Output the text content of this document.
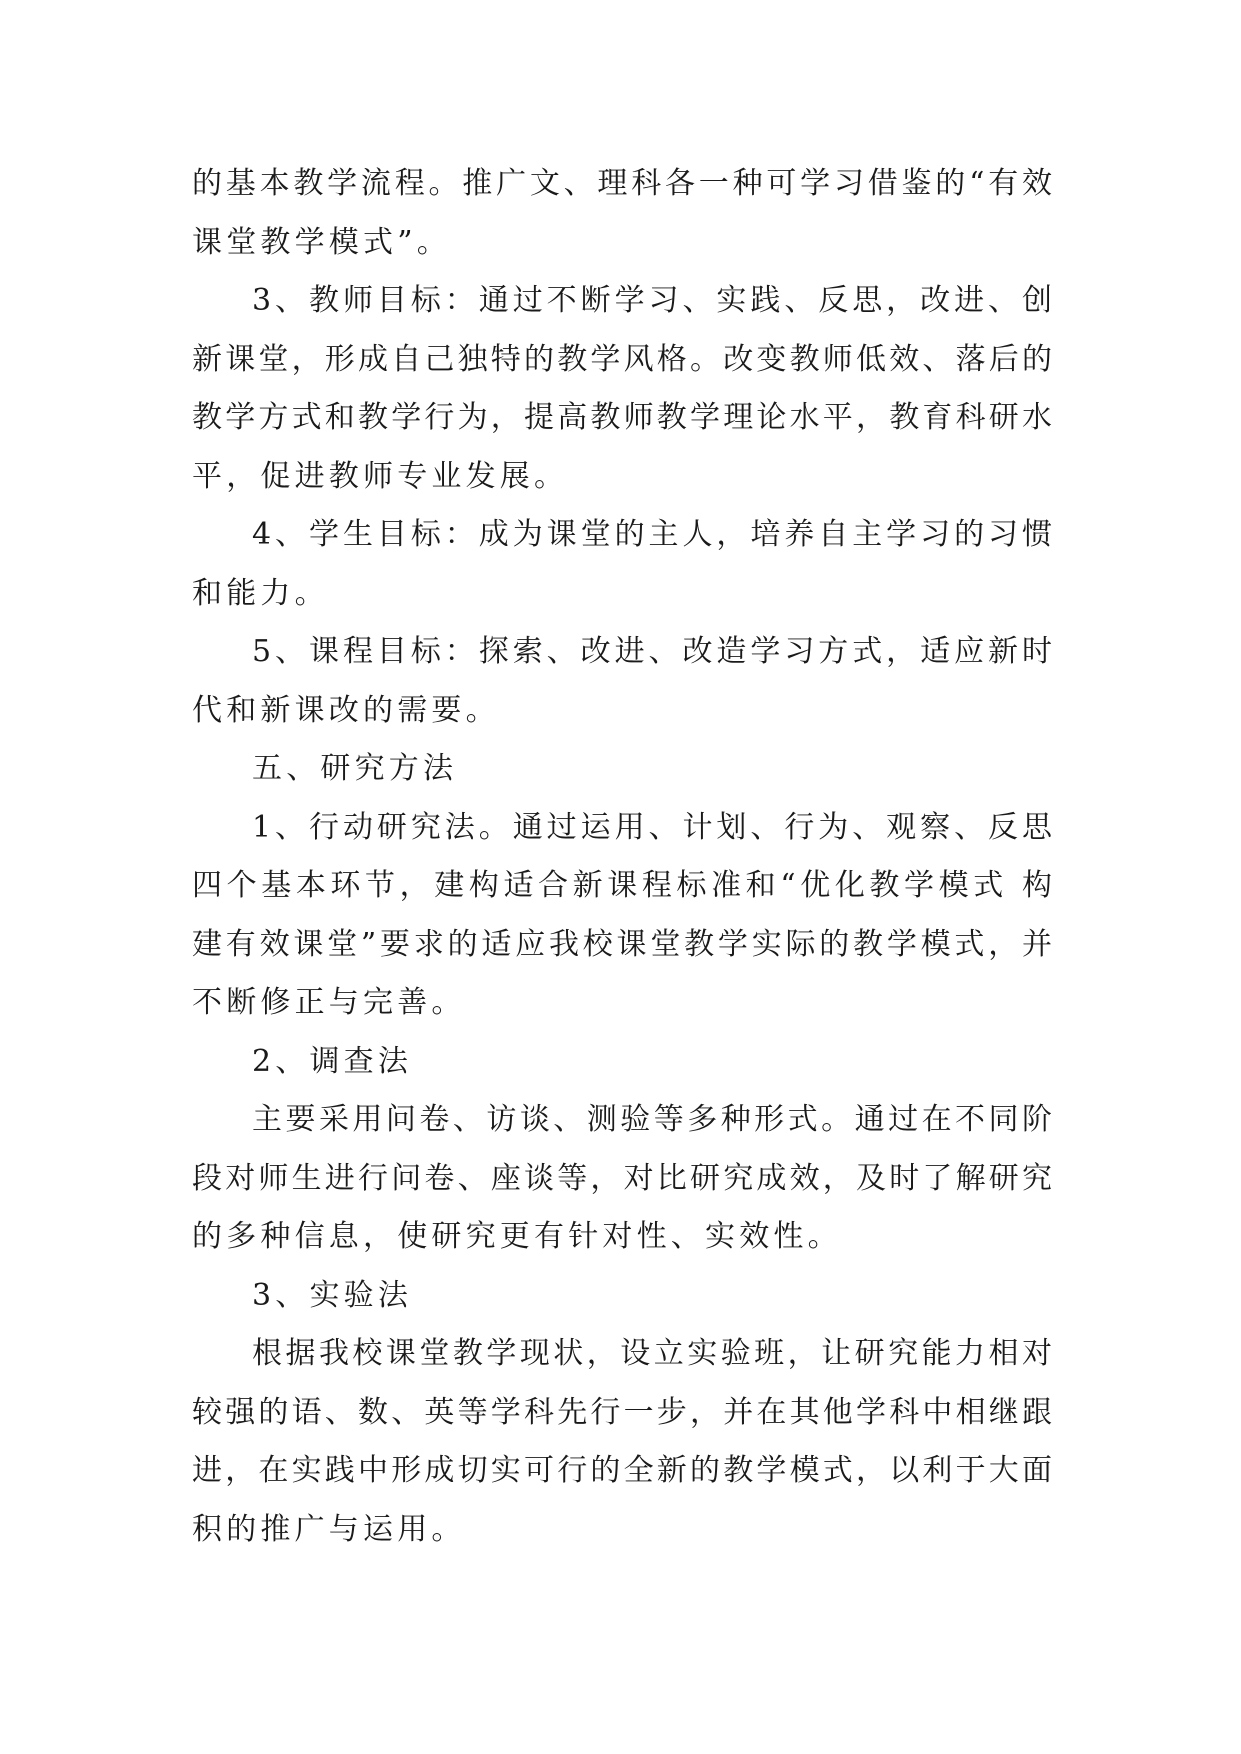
的基本教学流程。推广文、理科各一种可学习借鉴的“有效
课堂教学模式”。
3、教师目标：通过不断学习、实践、反思，改进、创
新课堂，形成自己独特的教学风格。改变教师低效、落后的
教学方式和教学行为，提高教师教学理论水平，教育科研水
平，促进教师专业发展。
4、学生目标：成为课堂的主人，培养自主学习的习惯
和能力。
5、课程目标：探索、改进、改造学习方式，适应新时
代和新课改的需要。
五、研究方法
1、行动研究法。通过运用、计划、行为、观察、反思
四个基本环节，建构适合新课程标准和“优化教学模式 构
建有效课堂”要求的适应我校课堂教学实际的教学模式，并
不断修正与完善。
2、调查法
主要采用问卷、访谈、测验等多种形式。通过在不同阶
段对师生进行问卷、座谈等，对比研究成效，及时了解研究
的多种信息，使研究更有针对性、实效性。
3、实验法
根据我校课堂教学现状，设立实验班，让研究能力相对
较强的语、数、英等学科先行一步，并在其他学科中相继跟
进，在实践中形成切实可行的全新的教学模式，以利于大面
积的推广与运用。
